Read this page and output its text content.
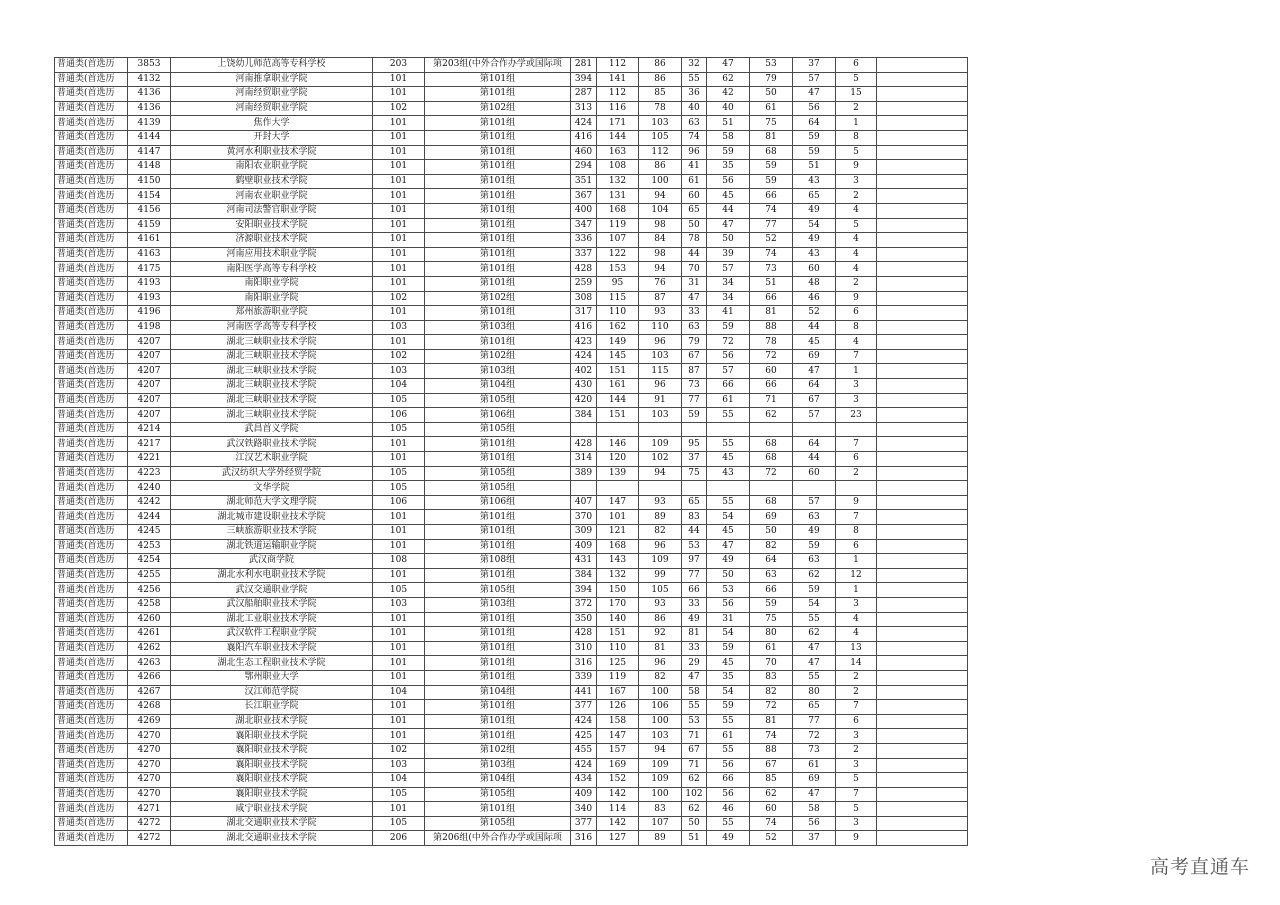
普通类(首选历	3853	上饶幼儿师范高等专科学校	203	第203组(中外合作办学或国际项	281	112	86	32	47	53	37	6	
普通类(首选历	4132	河南推拿职业学院	101	第101组	394	141	86	55	62	79	57	5	
普通类(首选历	4136	河南经贸职业学院	101	第101组	287	112	85	36	42	50	47	15	
普通类(首选历	4136	河南经贸职业学院	102	第102组	313	116	78	40	40	61	56	2	
普通类(首选历	4139	焦作大学	101	第101组	424	171	103	63	51	75	64	1	
普通类(首选历	4144	开封大学	101	第101组	416	144	105	74	58	81	59	8	
普通类(首选历	4147	黄河水利职业技术学院	101	第101组	460	163	112	96	59	68	59	5	
普通类(首选历	4148	南阳农业职业学院	101	第101组	294	108	86	41	35	59	51	9	
普通类(首选历	4150	鹤壁职业技术学院	101	第101组	351	132	100	61	56	59	43	3	
普通类(首选历	4154	河南农业职业学院	101	第101组	367	131	94	60	45	66	65	2	
普通类(首选历	4156	河南司法警官职业学院	101	第101组	400	168	104	65	44	74	49	4	
普通类(首选历	4159	安阳职业技术学院	101	第101组	347	119	98	50	47	77	54	5	
普通类(首选历	4161	济源职业技术学院	101	第101组	336	107	84	78	50	52	49	4	
普通类(首选历	4163	河南应用技术职业学院	101	第101组	337	122	98	44	39	74	43	4	
普通类(首选历	4175	南阳医学高等专科学校	101	第101组	428	153	94	70	57	73	60	4	
普通类(首选历	4193	南阳职业学院	101	第101组	259	95	76	31	34	51	48	2	
普通类(首选历	4193	南阳职业学院	102	第102组	308	115	87	47	34	66	46	9	
普通类(首选历	4196	郑州旅游职业学院	101	第101组	317	110	93	33	41	81	52	6	
普通类(首选历	4198	河南医学高等专科学校	103	第103组	416	162	110	63	59	88	44	8	
普通类(首选历	4207	湖北三峡职业技术学院	101	第101组	423	149	96	79	72	78	45	4	
普通类(首选历	4207	湖北三峡职业技术学院	102	第102组	424	145	103	67	56	72	69	7	
普通类(首选历	4207	湖北三峡职业技术学院	103	第103组	402	151	115	87	57	60	47	1	
普通类(首选历	4207	湖北三峡职业技术学院	104	第104组	430	161	96	73	66	66	64	3	
普通类(首选历	4207	湖北三峡职业技术学院	105	第105组	420	144	91	77	61	71	67	3	
普通类(首选历	4207	湖北三峡职业技术学院	106	第106组	384	151	103	59	55	62	57	23	
普通类(首选历	4214	武昌首义学院	105	第105组									
普通类(首选历	4217	武汉铁路职业技术学院	101	第101组	428	146	109	95	55	68	64	7	
普通类(首选历	4221	江汉艺术职业学院	101	第101组	314	120	102	37	45	68	44	6	
普通类(首选历	4223	武汉纺织大学外经贸学院	105	第105组	389	139	94	75	43	72	60	2	
普通类(首选历	4240	文华学院	105	第105组									
普通类(首选历	4242	湖北师范大学文理学院	106	第106组	407	147	93	65	55	68	57	9	
普通类(首选历	4244	湖北城市建设职业技术学院	101	第101组	370	101	89	83	54	69	63	7	
普通类(首选历	4245	三峡旅游职业技术学院	101	第101组	309	121	82	44	45	50	49	8	
普通类(首选历	4253	湖北铁道运输职业学院	101	第101组	409	168	96	53	47	82	59	6	
普通类(首选历	4254	武汉商学院	108	第108组	431	143	109	97	49	64	63	1	
普通类(首选历	4255	湖北水利水电职业技术学院	101	第101组	384	132	99	77	50	63	62	12	
普通类(首选历	4256	武汉交通职业学院	105	第105组	394	150	105	66	53	66	59	1	
普通类(首选历	4258	武汉船舶职业技术学院	103	第103组	372	170	93	33	56	59	54	3	
普通类(首选历	4260	湖北工业职业技术学院	101	第101组	350	140	86	49	31	75	55	4	
普通类(首选历	4261	武汉软件工程职业学院	101	第101组	428	151	92	81	54	80	62	4	
普通类(首选历	4262	襄阳汽车职业技术学院	101	第101组	310	110	81	33	59	61	47	13	
普通类(首选历	4263	湖北生态工程职业技术学院	101	第101组	316	125	96	29	45	70	47	14	
普通类(首选历	4266	鄂州职业大学	101	第101组	339	119	82	47	35	83	55	2	
普通类(首选历	4267	汉江师范学院	104	第104组	441	167	100	58	54	82	80	2	
普通类(首选历	4268	长江职业学院	101	第101组	377	126	106	55	59	72	65	7	
普通类(首选历	4269	湖北职业技术学院	101	第101组	424	158	100	53	55	81	77	6	
普通类(首选历	4270	襄阳职业技术学院	101	第101组	425	147	103	71	61	74	72	3	
普通类(首选历	4270	襄阳职业技术学院	102	第102组	455	157	94	67	55	88	73	2	
普通类(首选历	4270	襄阳职业技术学院	103	第103组	424	169	109	71	56	67	61	3	
普通类(首选历	4270	襄阳职业技术学院	104	第104组	434	152	109	62	66	85	69	5	
普通类(首选历	4270	襄阳职业技术学院	105	第105组	409	142	100	102	56	62	47	7	
普通类(首选历	4271	咸宁职业技术学院	101	第101组	340	114	83	62	46	60	58	5	
普通类(首选历	4272	湖北交通职业技术学院	105	第105组	377	142	107	50	55	74	56	3	
普通类(首选历	4272	湖北交通职业技术学院	206	第206组(中外合作办学或国际项	316	127	89	51	49	52	37	9	
高考直通车
